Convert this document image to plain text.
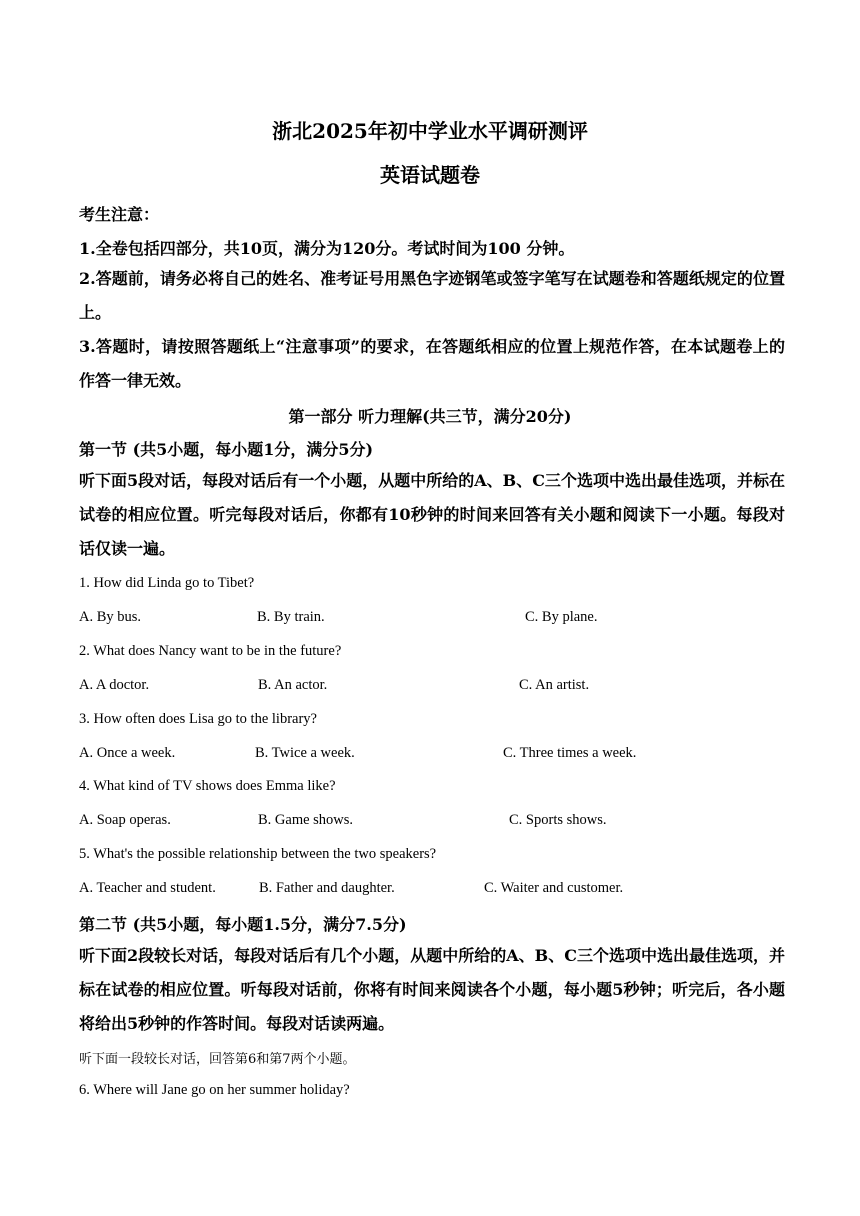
浙北2025年初中学业水平调研测评
英语试题卷
考生注意：
1.全卷包括四部分，共10页，满分为120分。考试时间为100 分钟。
2.答题前，请务必将自己的姓名、准考证号用黑色字迹钢笔或签字笔写在试题卷和答题纸规定的位置上。
3.答题时，请按照答题纸上“注意事项”的要求，在答题纸相应的位置上规范作答，在本试题卷上的作答一律无效。
第一部分 听力理解(共三节，满分20分)
第一节 (共5小题，每小题1分，满分5分)
听下面5段对话，每段对话后有一个小题，从题中所给的A、B、C三个选项中选出最佳选项，并标在试卷的相应位置。听完每段对话后，你都有10秒钟的时间来回答有关小题和阅读下一小题。每段对话仅读一遍。
1. How did Linda go to Tibet?
A. By bus.	B. By train.	C. By plane.
2. What does Nancy want to be in the future?
A. A doctor.	B. An actor.	C. An artist.
3. How often does Lisa go to the library?
A. Once a week.	B. Twice a week.	C. Three times a week.
4. What kind of TV shows does Emma like?
A. Soap operas.	B. Game shows.	C. Sports shows.
5. What's the possible relationship between the two speakers?
A. Teacher and student.	B. Father and daughter.	C. Waiter and customer.
第二节 (共5小题，每小题1.5分，满分7.5分)
听下面2段较长对话，每段对话后有几个小题，从题中所给的A、B、C三个选项中选出最佳选项，并标在试卷的相应位置。听每段对话前，你将有时间来阅读各个小题，每小题5秒钟；听完后，各小题将给出5秒钟的作答时间。每段对话读两遍。
听下面一段较长对话，回答第6和第7两个小题。
6. Where will Jane go on her summer holiday?
